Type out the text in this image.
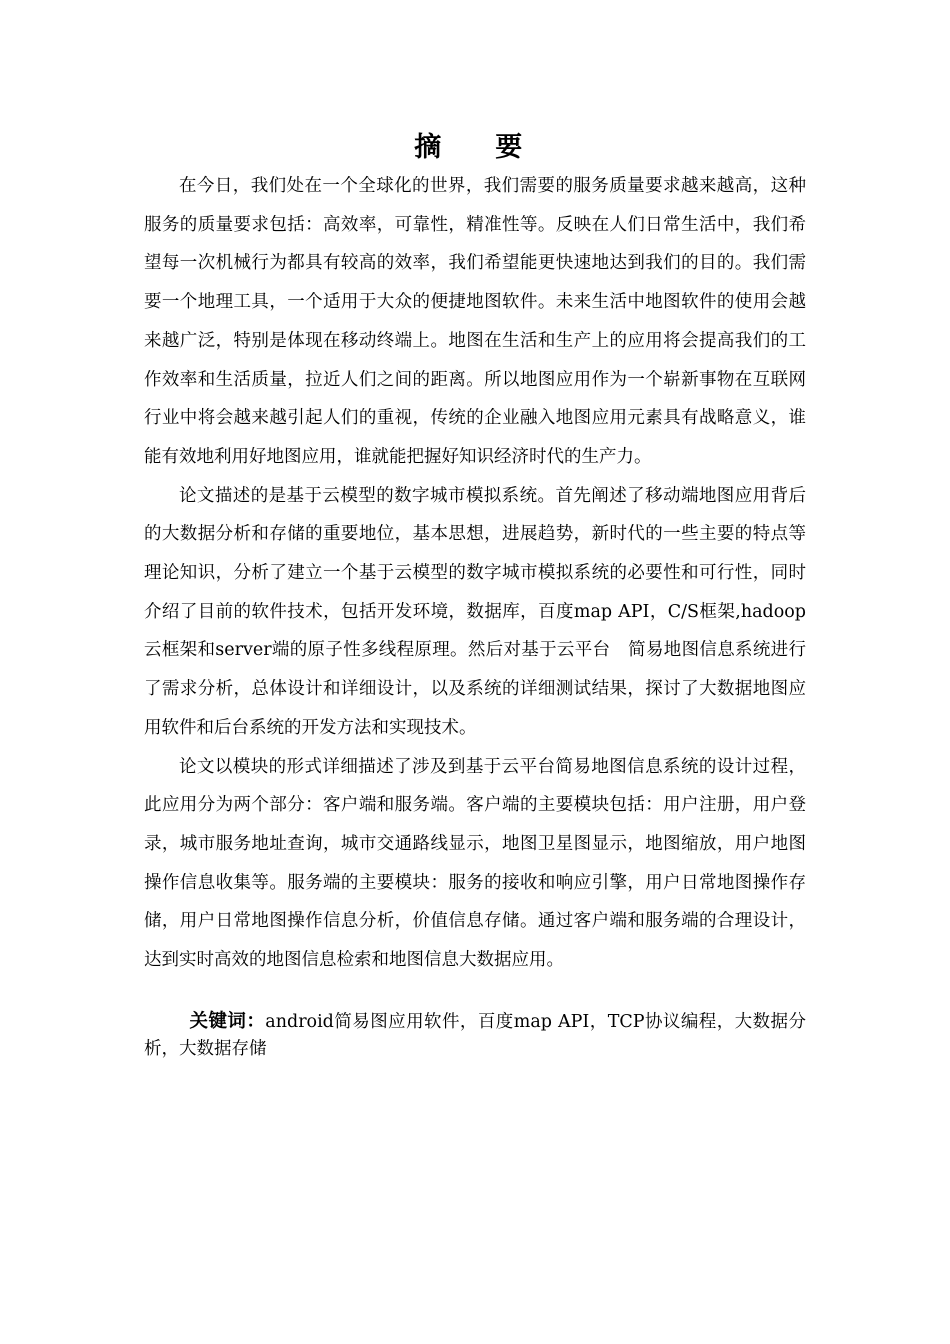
摘　要

在今日，我们处在一个全球化的世界，我们需要的服务质量要求越来越高，这种服务的质量要求包括：高效率，可靠性，精准性等。反映在人们日常生活中，我们希望每一次机械行为都具有较高的效率，我们希望能更快速地达到我们的目的。我们需要一个地理工具，一个适用于大众的便捷地图软件。未来生活中地图软件的使用会越来越广泛，特别是体现在移动终端上。地图在生活和生产上的应用将会提高我们的工作效率和生活质量，拉近人们之间的距离。所以地图应用作为一个崭新事物在互联网行业中将会越来越引起人们的重视，传统的企业融入地图应用元素具有战略意义，谁能有效地利用好地图应用，谁就能把握好知识经济时代的生产力。

论文描述的是基于云模型的数字城市模拟系统。首先阐述了移动端地图应用背后的大数据分析和存储的重要地位，基本思想，进展趋势，新时代的一些主要的特点等理论知识，分析了建立一个基于云模型的数字城市模拟系统的必要性和可行性，同时介绍了目前的软件技术，包括开发环境，数据库，百度map API，C/S框架,hadoop云框架和server端的原子性多线程原理。然后对基于云平台　简易地图信息系统进行了需求分析，总体设计和详细设计，以及系统的详细测试结果，探讨了大数据地图应用软件和后台系统的开发方法和实现技术。

论文以模块的形式详细描述了涉及到基于云平台简易地图信息系统的设计过程，此应用分为两个部分：客户端和服务端。客户端的主要模块包括：用户注册，用户登录，城市服务地址查询，城市交通路线显示，地图卫星图显示，地图缩放，用户地图操作信息收集等。服务端的主要模块：服务的接收和响应引擎，用户日常地图操作存储，用户日常地图操作信息分析，价值信息存储。通过客户端和服务端的合理设计，达到实时高效的地图信息检索和地图信息大数据应用。

关键词：android简易图应用软件，百度map API，TCP协议编程，大数据分析，大数据存储
